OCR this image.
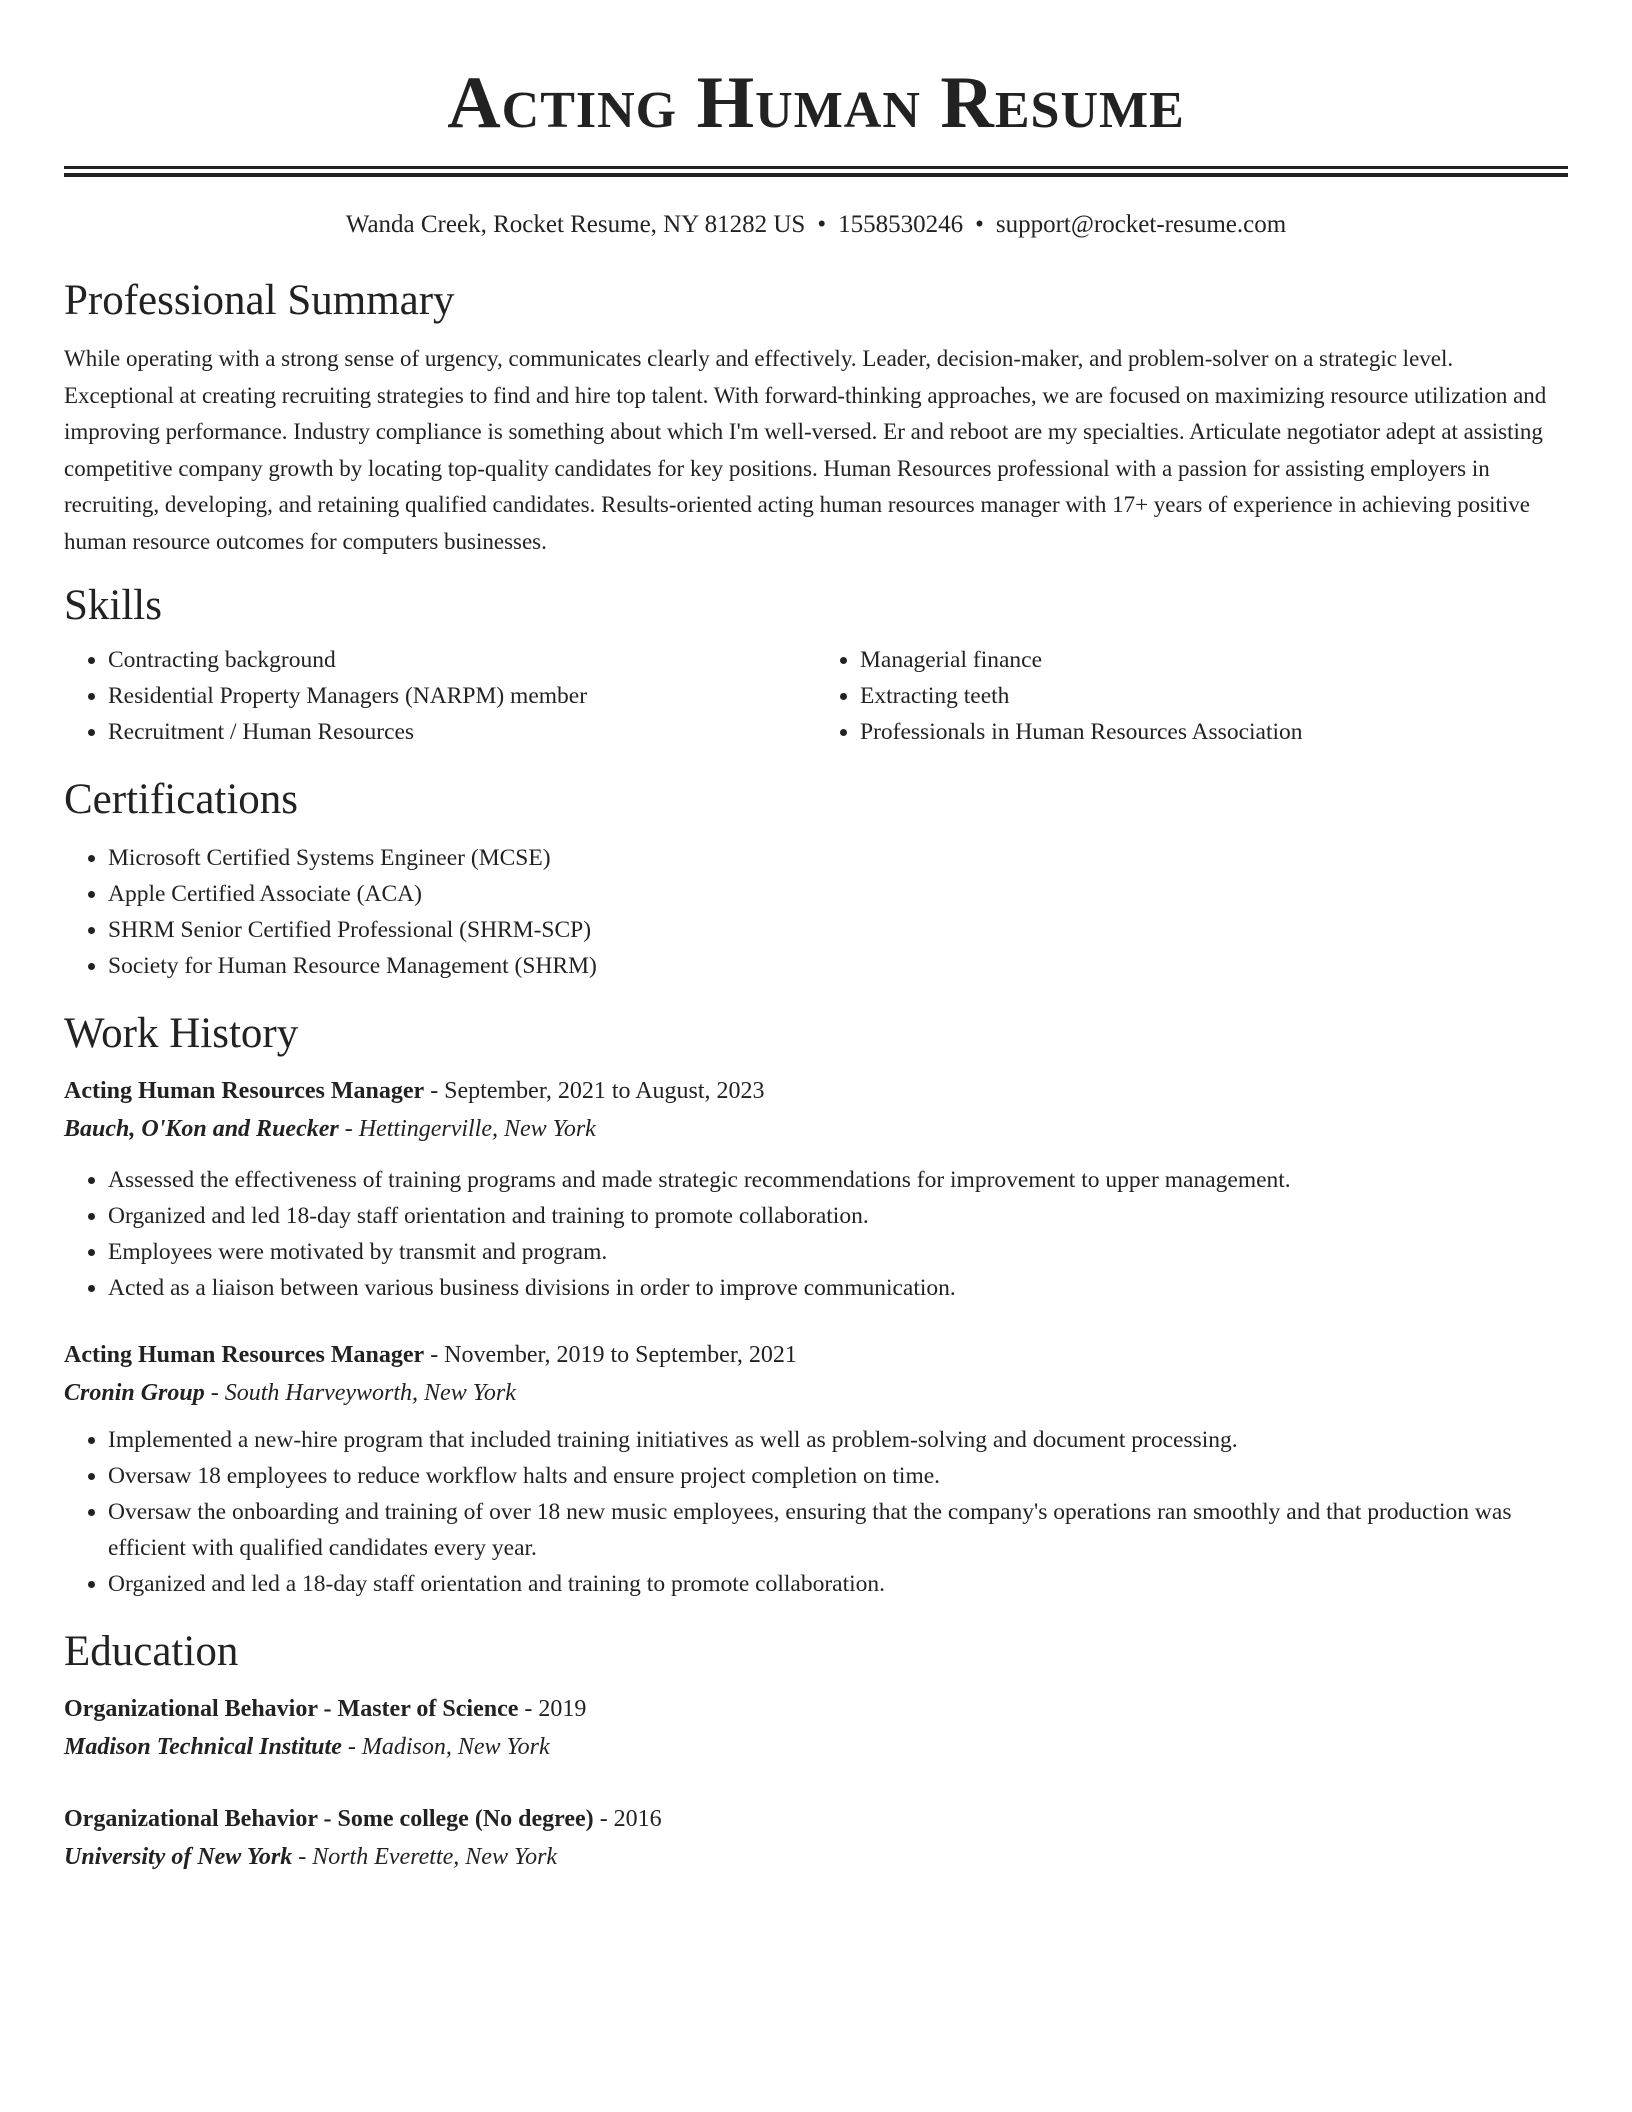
Acting Human Resume
Wanda Creek, Rocket Resume, NY 81282 US • 1558530246 • support@rocket-resume.com
Professional Summary

While operating with a strong sense of urgency, communicates clearly and effectively. Leader, decision-maker, and problem-solver on a strategic level. Exceptional at creating recruiting strategies to find and hire top talent. With forward-thinking approaches, we are focused on maximizing resource utilization and improving performance. Industry compliance is something about which I'm well-versed. Er and reboot are my specialties. Articulate negotiator adept at assisting competitive company growth by locating top-quality candidates for key positions. Human Resources professional with a passion for assisting employers in recruiting, developing, and retaining qualified candidates. Results-oriented acting human resources manager with 17+ years of experience in achieving positive human resource outcomes for computers businesses.

Skills
• Contracting background
• Residential Property Managers (NARPM) member
• Recruitment / Human Resources
• Managerial finance
• Extracting teeth
• Professionals in Human Resources Association
Certifications
• Microsoft Certified Systems Engineer (MCSE)
• Apple Certified Associate (ACA)
• SHRM Senior Certified Professional (SHRM-SCP)
• Society for Human Resource Management (SHRM)
Work History
Acting Human Resources Manager - September, 2021 to August, 2023
Bauch, O'Kon and Ruecker - Hettingerville, New York
• Assessed the effectiveness of training programs and made strategic recommendations for improvement to upper management.
• Organized and led 18-day staff orientation and training to promote collaboration.
• Employees were motivated by transmit and program.
• Acted as a liaison between various business divisions in order to improve communication.
Acting Human Resources Manager - November, 2019 to September, 2021
Cronin Group - South Harveyworth, New York
• Implemented a new-hire program that included training initiatives as well as problem-solving and document processing.
• Oversaw 18 employees to reduce workflow halts and ensure project completion on time.
• Oversaw the onboarding and training of over 18 new music employees, ensuring that the company's operations ran smoothly and that production was efficient with qualified candidates every year.
• Organized and led a 18-day staff orientation and training to promote collaboration.
Education
Organizational Behavior - Master of Science - 2019
Madison Technical Institute - Madison, New York
Organizational Behavior - Some college (No degree) - 2016
University of New York - North Everette, New York
